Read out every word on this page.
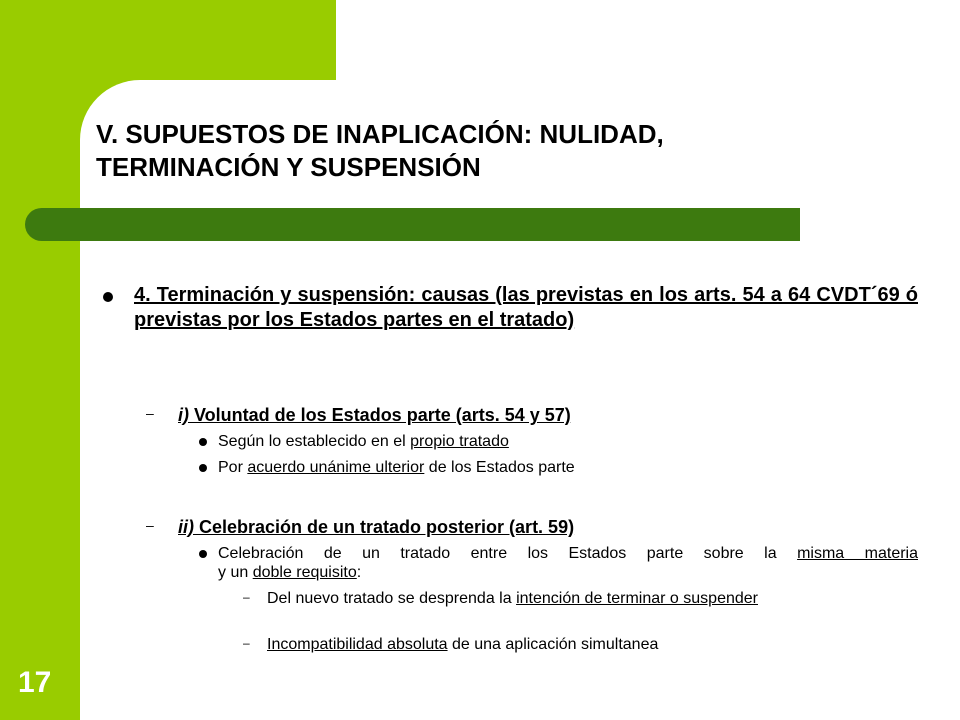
V. SUPUESTOS DE INAPLICACIÓN: NULIDAD,
TERMINACIÓN Y SUSPENSIÓN
17
4. Terminación y suspensión: causas (las previstas en los arts. 54 a 64 CVDT´69 ó previstas por los Estados partes en el tratado)
– i) Voluntad de los Estados parte (arts. 54 y 57)
Según lo establecido en el propio tratado
Por acuerdo unánime ulterior de los Estados parte
– ii) Celebración de un tratado posterior (art. 59)
Celebración de un tratado entre los Estados parte sobre la misma materia
y un doble requisito:
– Del nuevo tratado se desprenda la intención de terminar o suspender
– Incompatibilidad absoluta de una aplicación simultanea
